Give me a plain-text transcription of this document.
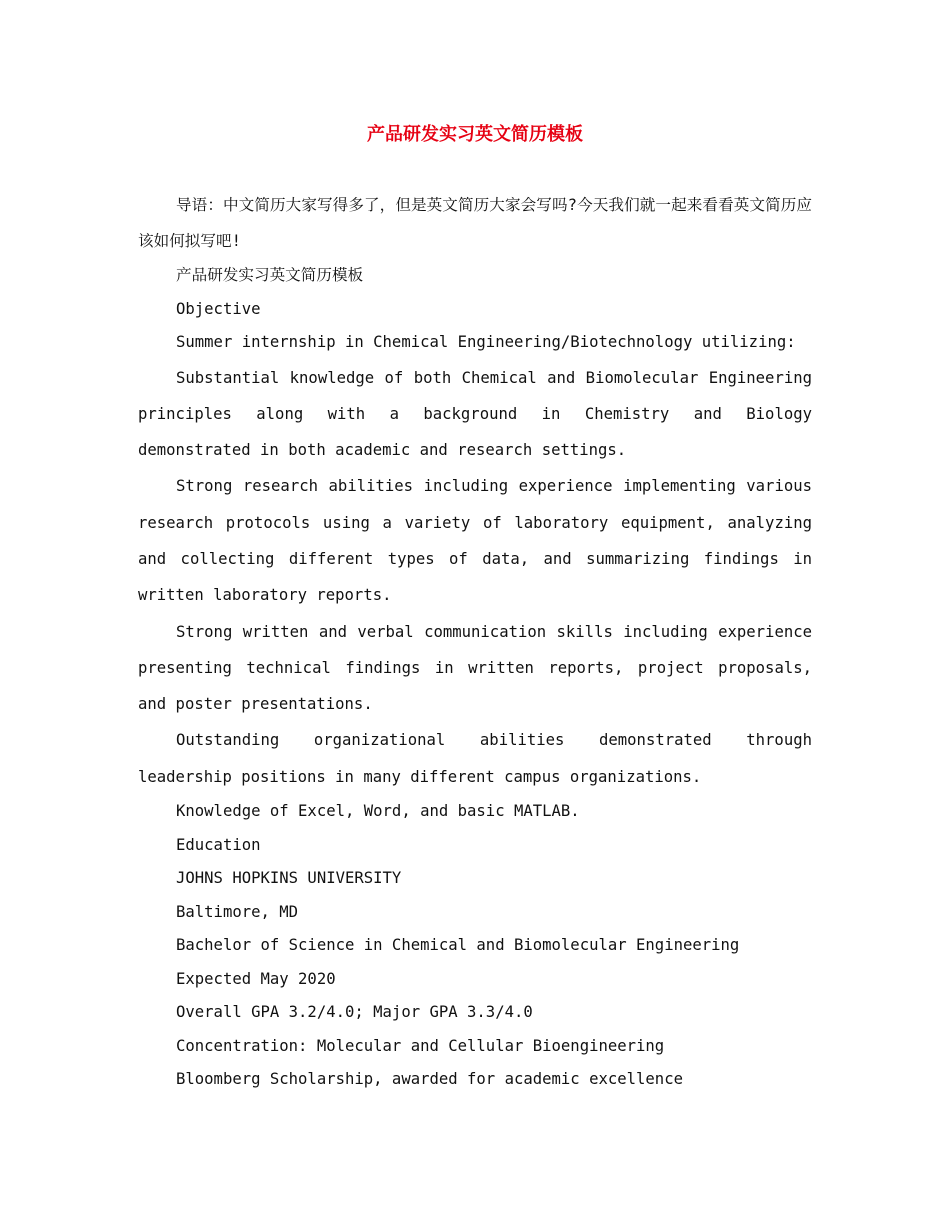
产品研发实习英文简历模板

导语：中文简历大家写得多了，但是英文简历大家会写吗?今天我们就一起来看看英文简历应该如何拟写吧!

产品研发实习英文简历模板

Objective

Summer internship in Chemical Engineering/Biotechnology utilizing:

Substantial knowledge of both Chemical and Biomolecular Engineering principles along with a background in Chemistry and Biology demonstrated in both academic and research settings.

Strong research abilities including experience implementing various research protocols using a variety of laboratory equipment, analyzing and collecting different types of data, and summarizing findings in written laboratory reports.

Strong written and verbal communication skills including experience presenting technical findings in written reports, project proposals, and poster presentations.

Outstanding organizational abilities demonstrated through leadership positions in many different campus organizations.

Knowledge of Excel, Word, and basic MATLAB.

Education

JOHNS HOPKINS UNIVERSITY

Baltimore, MD

Bachelor of Science in Chemical and Biomolecular Engineering

Expected May 2020

Overall GPA 3.2/4.0; Major GPA 3.3/4.0

Concentration: Molecular and Cellular Bioengineering

Bloomberg Scholarship, awarded for academic excellence
